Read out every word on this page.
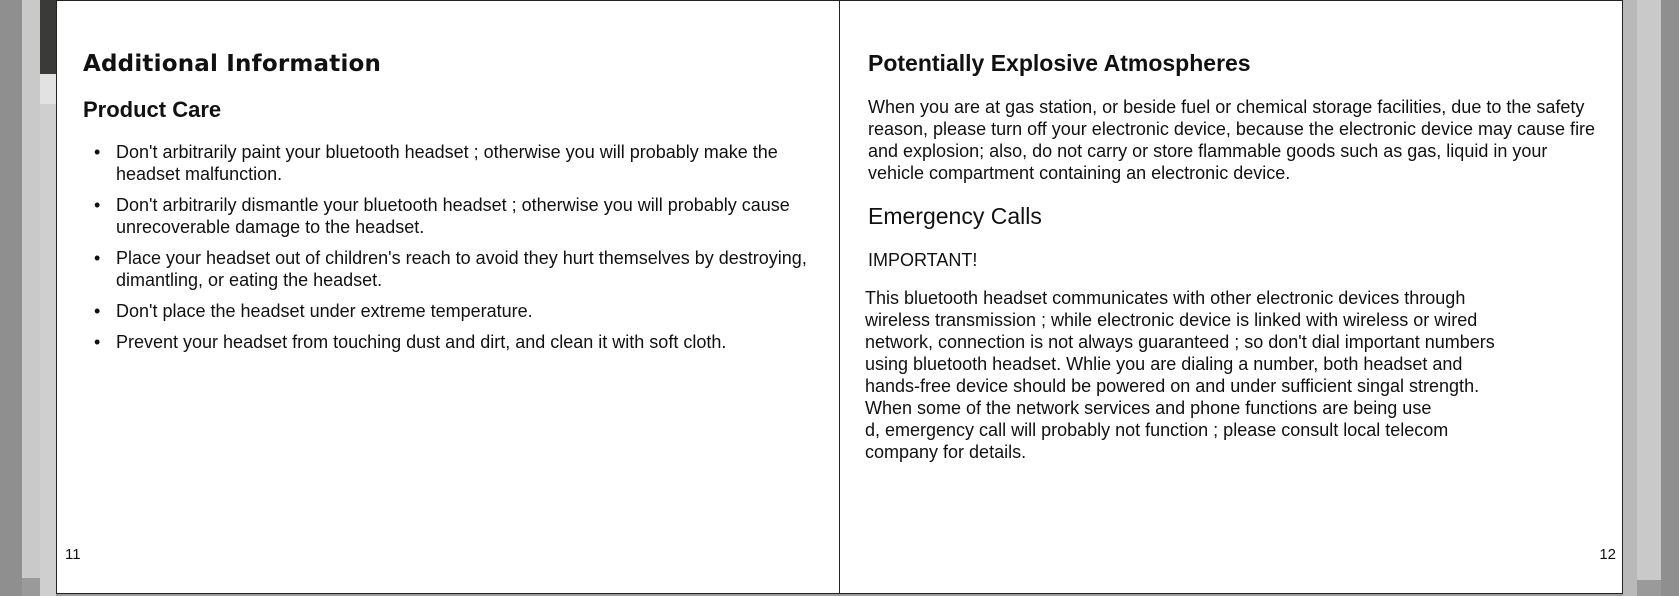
Additional Information
Product Care
• Don't arbitrarily paint your bluetooth headset ; otherwise you will probably make the headset malfunction.
• Don't arbitrarily dismantle your bluetooth headset ; otherwise you will probably cause unrecoverable damage to the headset.
• Place your headset out of children's reach to avoid they hurt themselves by destroying, dimantling, or eating the headset.
• Don't place the headset under extreme temperature.
• Prevent your headset from touching dust and dirt, and clean it with soft cloth.
11
Potentially Explosive Atmospheres

When you are at gas station, or beside fuel or chemical storage facilities, due to the safety reason, please turn off your electronic device, because the electronic device may cause fire and explosion; also, do not carry or store flammable goods such as gas, liquid in your vehicle compartment containing an electronic device.

Emergency Calls
IMPORTANT!
This bluetooth headset communicates with other electronic devices through
wireless transmission ; while electronic device is linked with wireless or wired
network, connection is not always guaranteed ; so don't dial important numbers
using bluetooth headset. Whlie you are dialing a number, both headset and
hands-free device should be powered on and under sufficient singal strength.
When some of the network services and phone functions are being use
d, emergency call will probably not function ; please consult local telecom
company for details.
12
